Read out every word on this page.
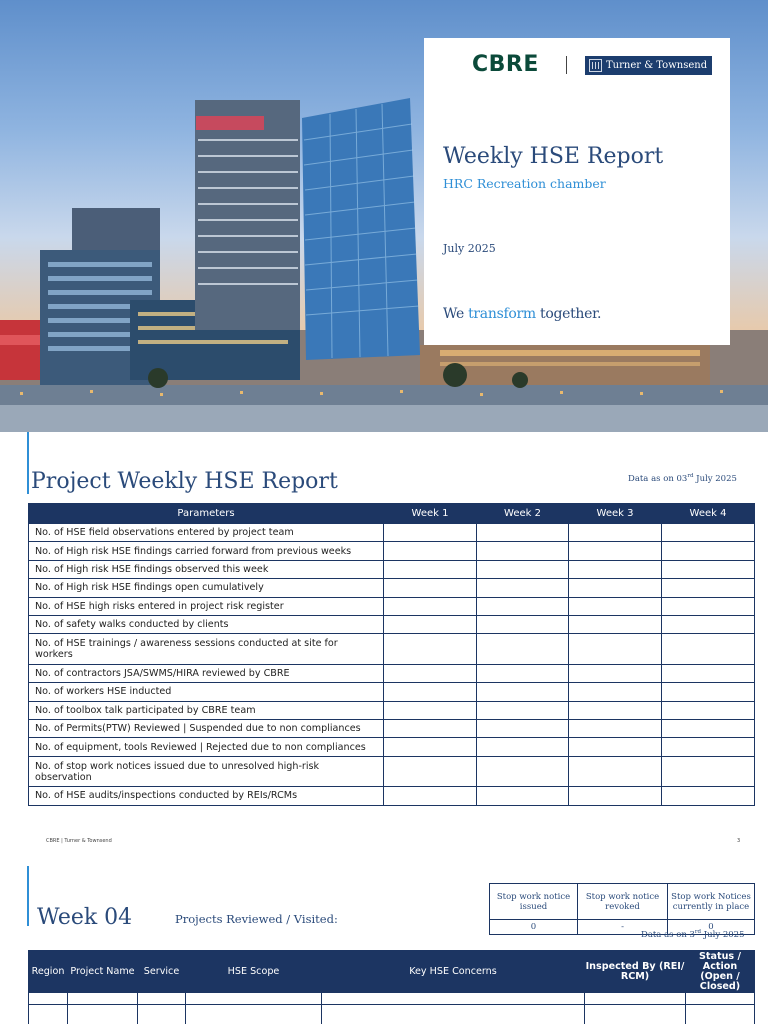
CBRE	Turner & Townsend
Weekly HSE Report
HRC Recreation chamber
July 2025
We transform together.
Project Weekly HSE Report	Data as on 03rd July 2025
Parameters	Week 1	Week 2	Week 3	Week 4
No. of HSE field observations entered by project team				
No. of High risk HSE findings carried forward from previous weeks				
No. of High risk HSE findings observed this week				
No. of High risk HSE findings open cumulatively				
No. of HSE high risks entered in project risk register				
No. of safety walks conducted by clients				
No. of HSE trainings / awareness sessions conducted at site for workers				
No. of contractors JSA/SWMS/HIRA reviewed by CBRE				
No. of workers HSE inducted				
No. of toolbox talk participated by CBRE team				
No. of Permits(PTW) Reviewed | Suspended due to non compliances				
No. of equipment, tools Reviewed | Rejected due to non compliances				
No. of stop work notices issued due to unresolved high-risk observation				
No. of HSE audits/inspections conducted by REIs/RCMs				
CBRE | Turner & Townsend	3
Week 04	Projects Reviewed / Visited:
Stop work notice issued	Stop work notice revoked	Stop work Notices currently in place
0	-	0
Data as on 3rd July 2025
Region	Project Name	Service	HSE Scope	Key HSE Concerns	Inspected By (REI/ RCM)	Status / Action (Open / Closed)
